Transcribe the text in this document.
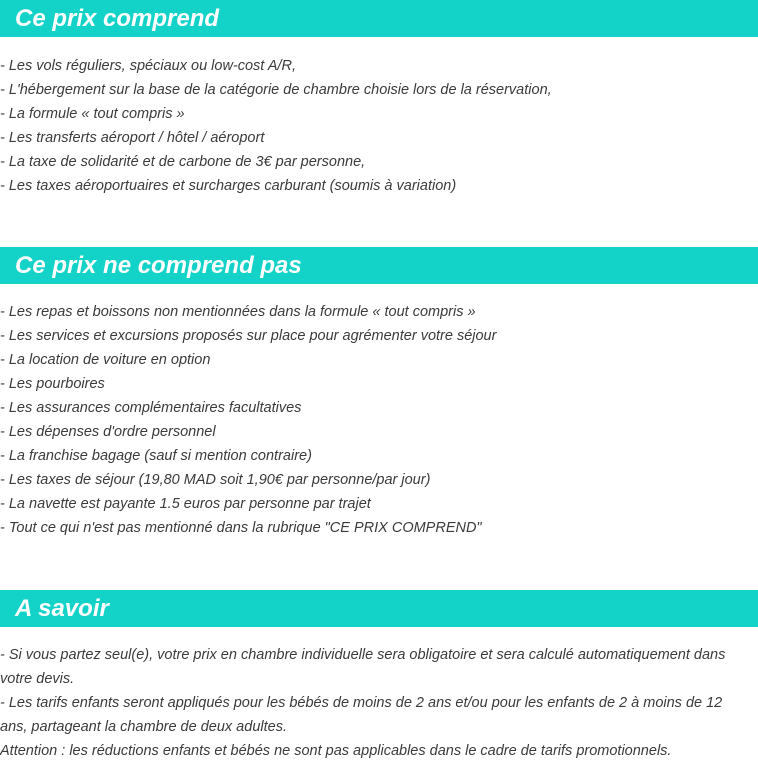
Ce prix comprend
- Les vols réguliers, spéciaux ou low-cost A/R,
- L'hébergement sur la base de la catégorie de chambre choisie lors de la réservation,
- La formule « tout compris »
- Les transferts aéroport / hôtel / aéroport
- La taxe de solidarité et de carbone de 3€ par personne,
- Les taxes aéroportuaires et surcharges carburant (soumis à variation)
Ce prix ne comprend pas
- Les repas et boissons non mentionnées dans la formule « tout compris »
- Les services et excursions proposés sur place pour agrémenter votre séjour
- La location de voiture en option
- Les pourboires
- Les assurances complémentaires facultatives
- Les dépenses d'ordre personnel
- La franchise bagage (sauf si mention contraire)
- Les taxes de séjour (19,80 MAD soit 1,90€ par personne/par jour)
- La navette est payante 1.5 euros par personne par trajet
- Tout ce qui n'est pas mentionné dans la rubrique "CE PRIX COMPREND"
A savoir

- Si vous partez seul(e), votre prix en chambre individuelle sera obligatoire et sera calculé automatiquement dans votre devis.

- Les tarifs enfants seront appliqués pour les bébés de moins de 2 ans et/ou pour les enfants de 2 à moins de 12 ans, partageant la chambre de deux adultes.

Attention : les réductions enfants et bébés ne sont pas applicables dans le cadre de tarifs promotionnels.
